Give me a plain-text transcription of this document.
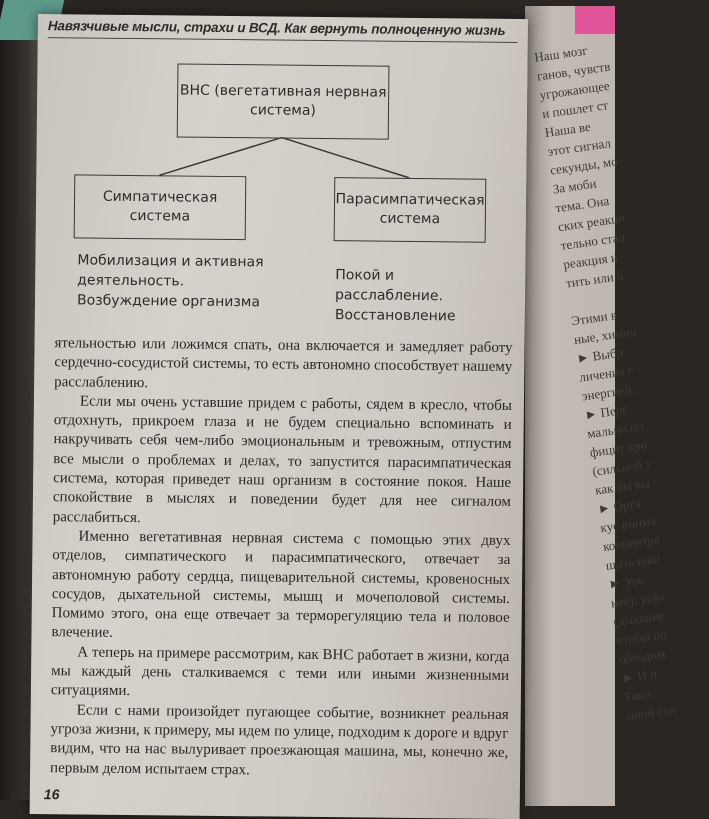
Наш мозг
ганов, чувств
угрожающее
и пошлет ст
Наша ве
этот сигнал
секунды, мо
За моби
тема. Она
ских реакци
тельно стал
реакция и
тить или б

Этими в
ные, химич
► Выбр
личения г
энергией.
► Пере
мально по
фицит кро
(сильной т
как бы вы
► Орга
кус внима
концентра
шить наш
► Уве
нее), уско
(дыхание
чтобы по
обходим
► И п
Таки
иной сти
Навязчивые мысли, страхи и ВСД. Как вернуть полноценную жизнь
ВНС (вегетативная нервная система)
Симпатическая система
Парасимпатическая система
Мобилизация и активная деятельность. Возбуждение организма
Покой и расслабление. Восстановление

ятельностью или ложимся спать, она включается и замедляет работу сердечно-сосудистой системы, то есть автономно способствует нашему расслаблению.

Если мы очень уставшие придем с работы, сядем в кресло, чтобы отдохнуть, прикроем глаза и не будем специально вспоминать и накручивать себя чем-либо эмоциональным и тревожным, отпустим все мысли о проблемах и делах, то запустится парасимпатическая система, которая приведет наш организм в состояние покоя. Наше спокойствие в мыслях и поведении будет для нее сигналом расслабиться.

Именно вегетативная нервная система с помощью этих двух отделов, симпатического и парасимпатического, отвечает за автономную работу сердца, пищеварительной системы, кровеносных сосудов, дыхательной системы, мышц и мочеполовой системы. Помимо этого, она еще отвечает за терморегуляцию тела и половое влечение.

А теперь на примере рассмотрим, как ВНС работает в жизни, когда мы каждый день сталкиваемся с теми или иными жизненными ситуациями.

Если с нами произойдет пугающее событие, возникнет реальная угроза жизни, к примеру, мы идем по улице, подходим к дороге и вдруг видим, что на нас вылуривает проезжающая машина, мы, конечно же, первым делом испытаем страх.

16
